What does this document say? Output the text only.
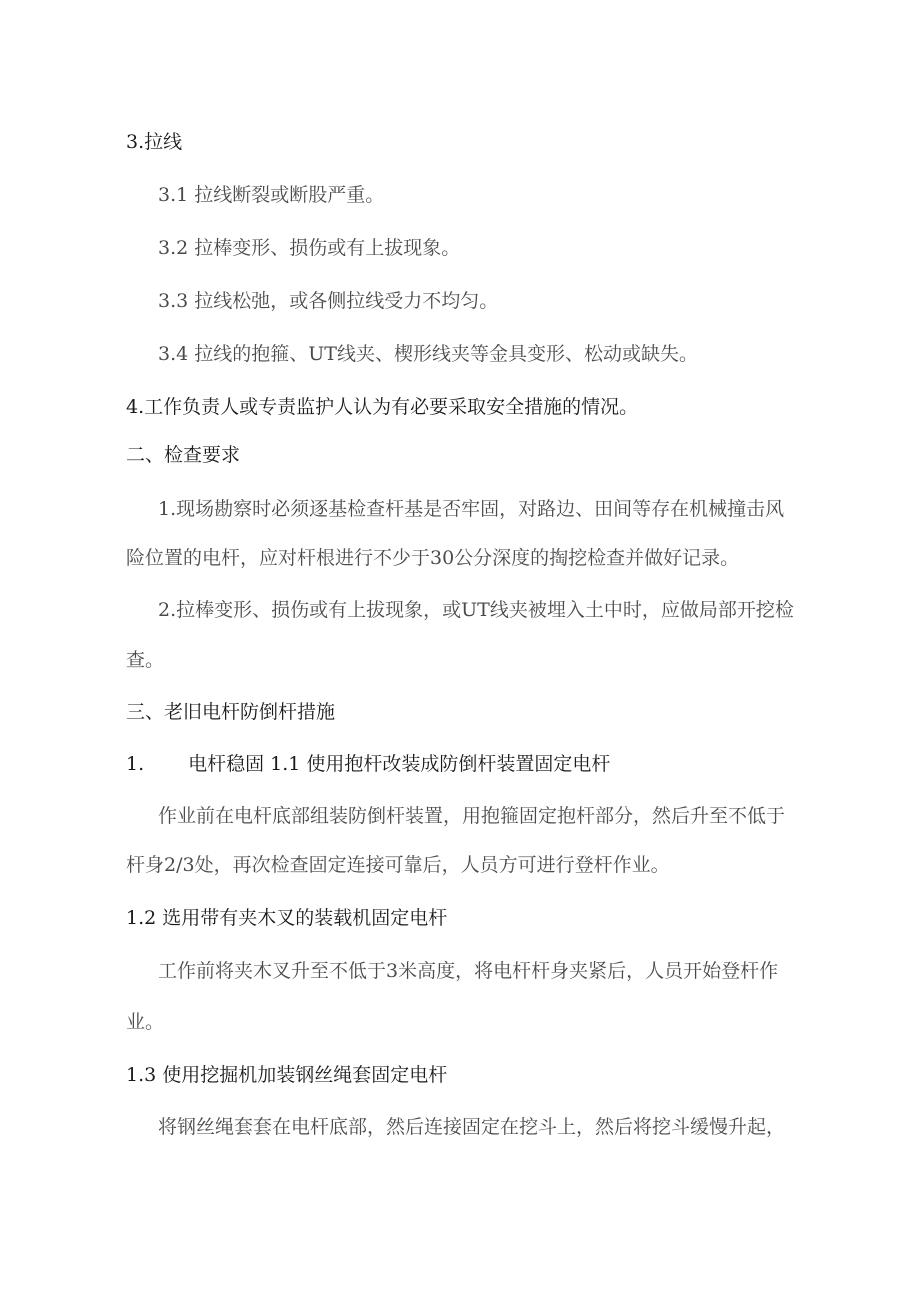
3.拉线
3.1 拉线断裂或断股严重。
3.2 拉棒变形、损伤或有上拔现象。
3.3 拉线松弛，或各侧拉线受力不均匀。
3.4 拉线的抱箍、UT线夹、楔形线夹等金具变形、松动或缺失。
4.工作负责人或专责监护人认为有必要采取安全措施的情况。
二、检查要求
1.现场勘察时必须逐基检查杆基是否牢固，对路边、田间等存在机械撞击风
险位置的电杆，应对杆根进行不少于30公分深度的掏挖检查并做好记录。
2.拉棒变形、损伤或有上拔现象，或UT线夹被埋入土中时，应做局部开挖检
查。
三、老旧电杆防倒杆措施
1. 电杆稳固 1.1 使用抱杆改装成防倒杆装置固定电杆
作业前在电杆底部组装防倒杆装置，用抱箍固定抱杆部分，然后升至不低于
杆身2/3处，再次检查固定连接可靠后，人员方可进行登杆作业。
1.2 选用带有夹木叉的装载机固定电杆
工作前将夹木叉升至不低于3米高度，将电杆杆身夹紧后，人员开始登杆作
业。
1.3 使用挖掘机加装钢丝绳套固定电杆
将钢丝绳套套在电杆底部，然后连接固定在挖斗上，然后将挖斗缓慢升起，
